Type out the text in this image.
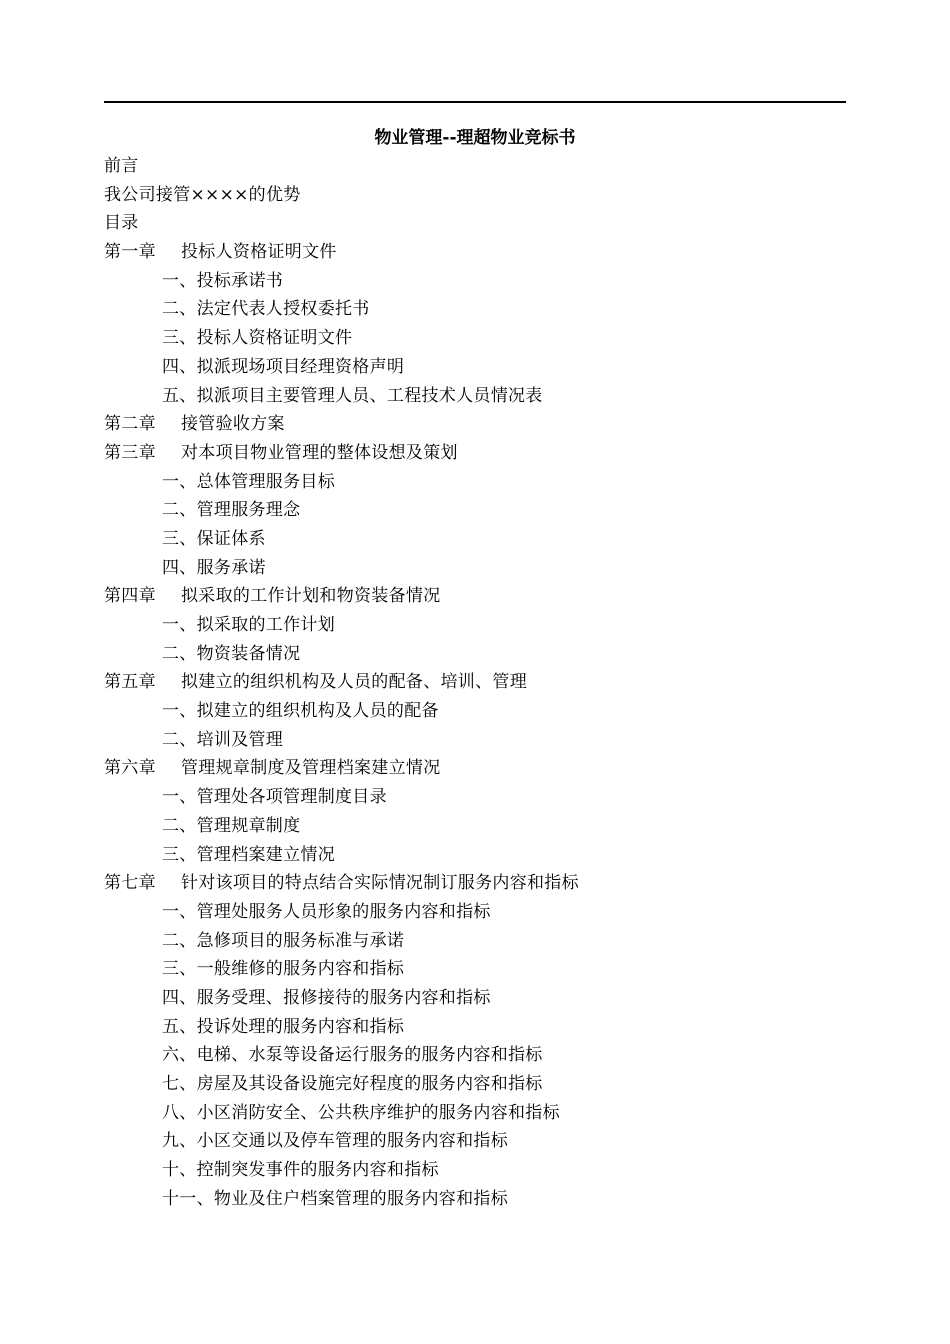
物业管理--理超物业竞标书
前言
我公司接管××××的优势
目录
第一章 投标人资格证明文件
一、投标承诺书
二、法定代表人授权委托书
三、投标人资格证明文件
四、拟派现场项目经理资格声明
五、拟派项目主要管理人员、工程技术人员情况表
第二章 接管验收方案
第三章 对本项目物业管理的整体设想及策划
一、总体管理服务目标
二、管理服务理念
三、保证体系
四、服务承诺
第四章 拟采取的工作计划和物资装备情况
一、拟采取的工作计划
二、物资装备情况
第五章 拟建立的组织机构及人员的配备、培训、管理
一、拟建立的组织机构及人员的配备
二、培训及管理
第六章 管理规章制度及管理档案建立情况
一、管理处各项管理制度目录
二、管理规章制度
三、管理档案建立情况
第七章 针对该项目的特点结合实际情况制订服务内容和指标
一、管理处服务人员形象的服务内容和指标
二、急修项目的服务标准与承诺
三、一般维修的服务内容和指标
四、服务受理、报修接待的服务内容和指标
五、投诉处理的服务内容和指标
六、电梯、水泵等设备运行服务的服务内容和指标
七、房屋及其设备设施完好程度的服务内容和指标
八、小区消防安全、公共秩序维护的服务内容和指标
九、小区交通以及停车管理的服务内容和指标
十、控制突发事件的服务内容和指标
十一、物业及住户档案管理的服务内容和指标
